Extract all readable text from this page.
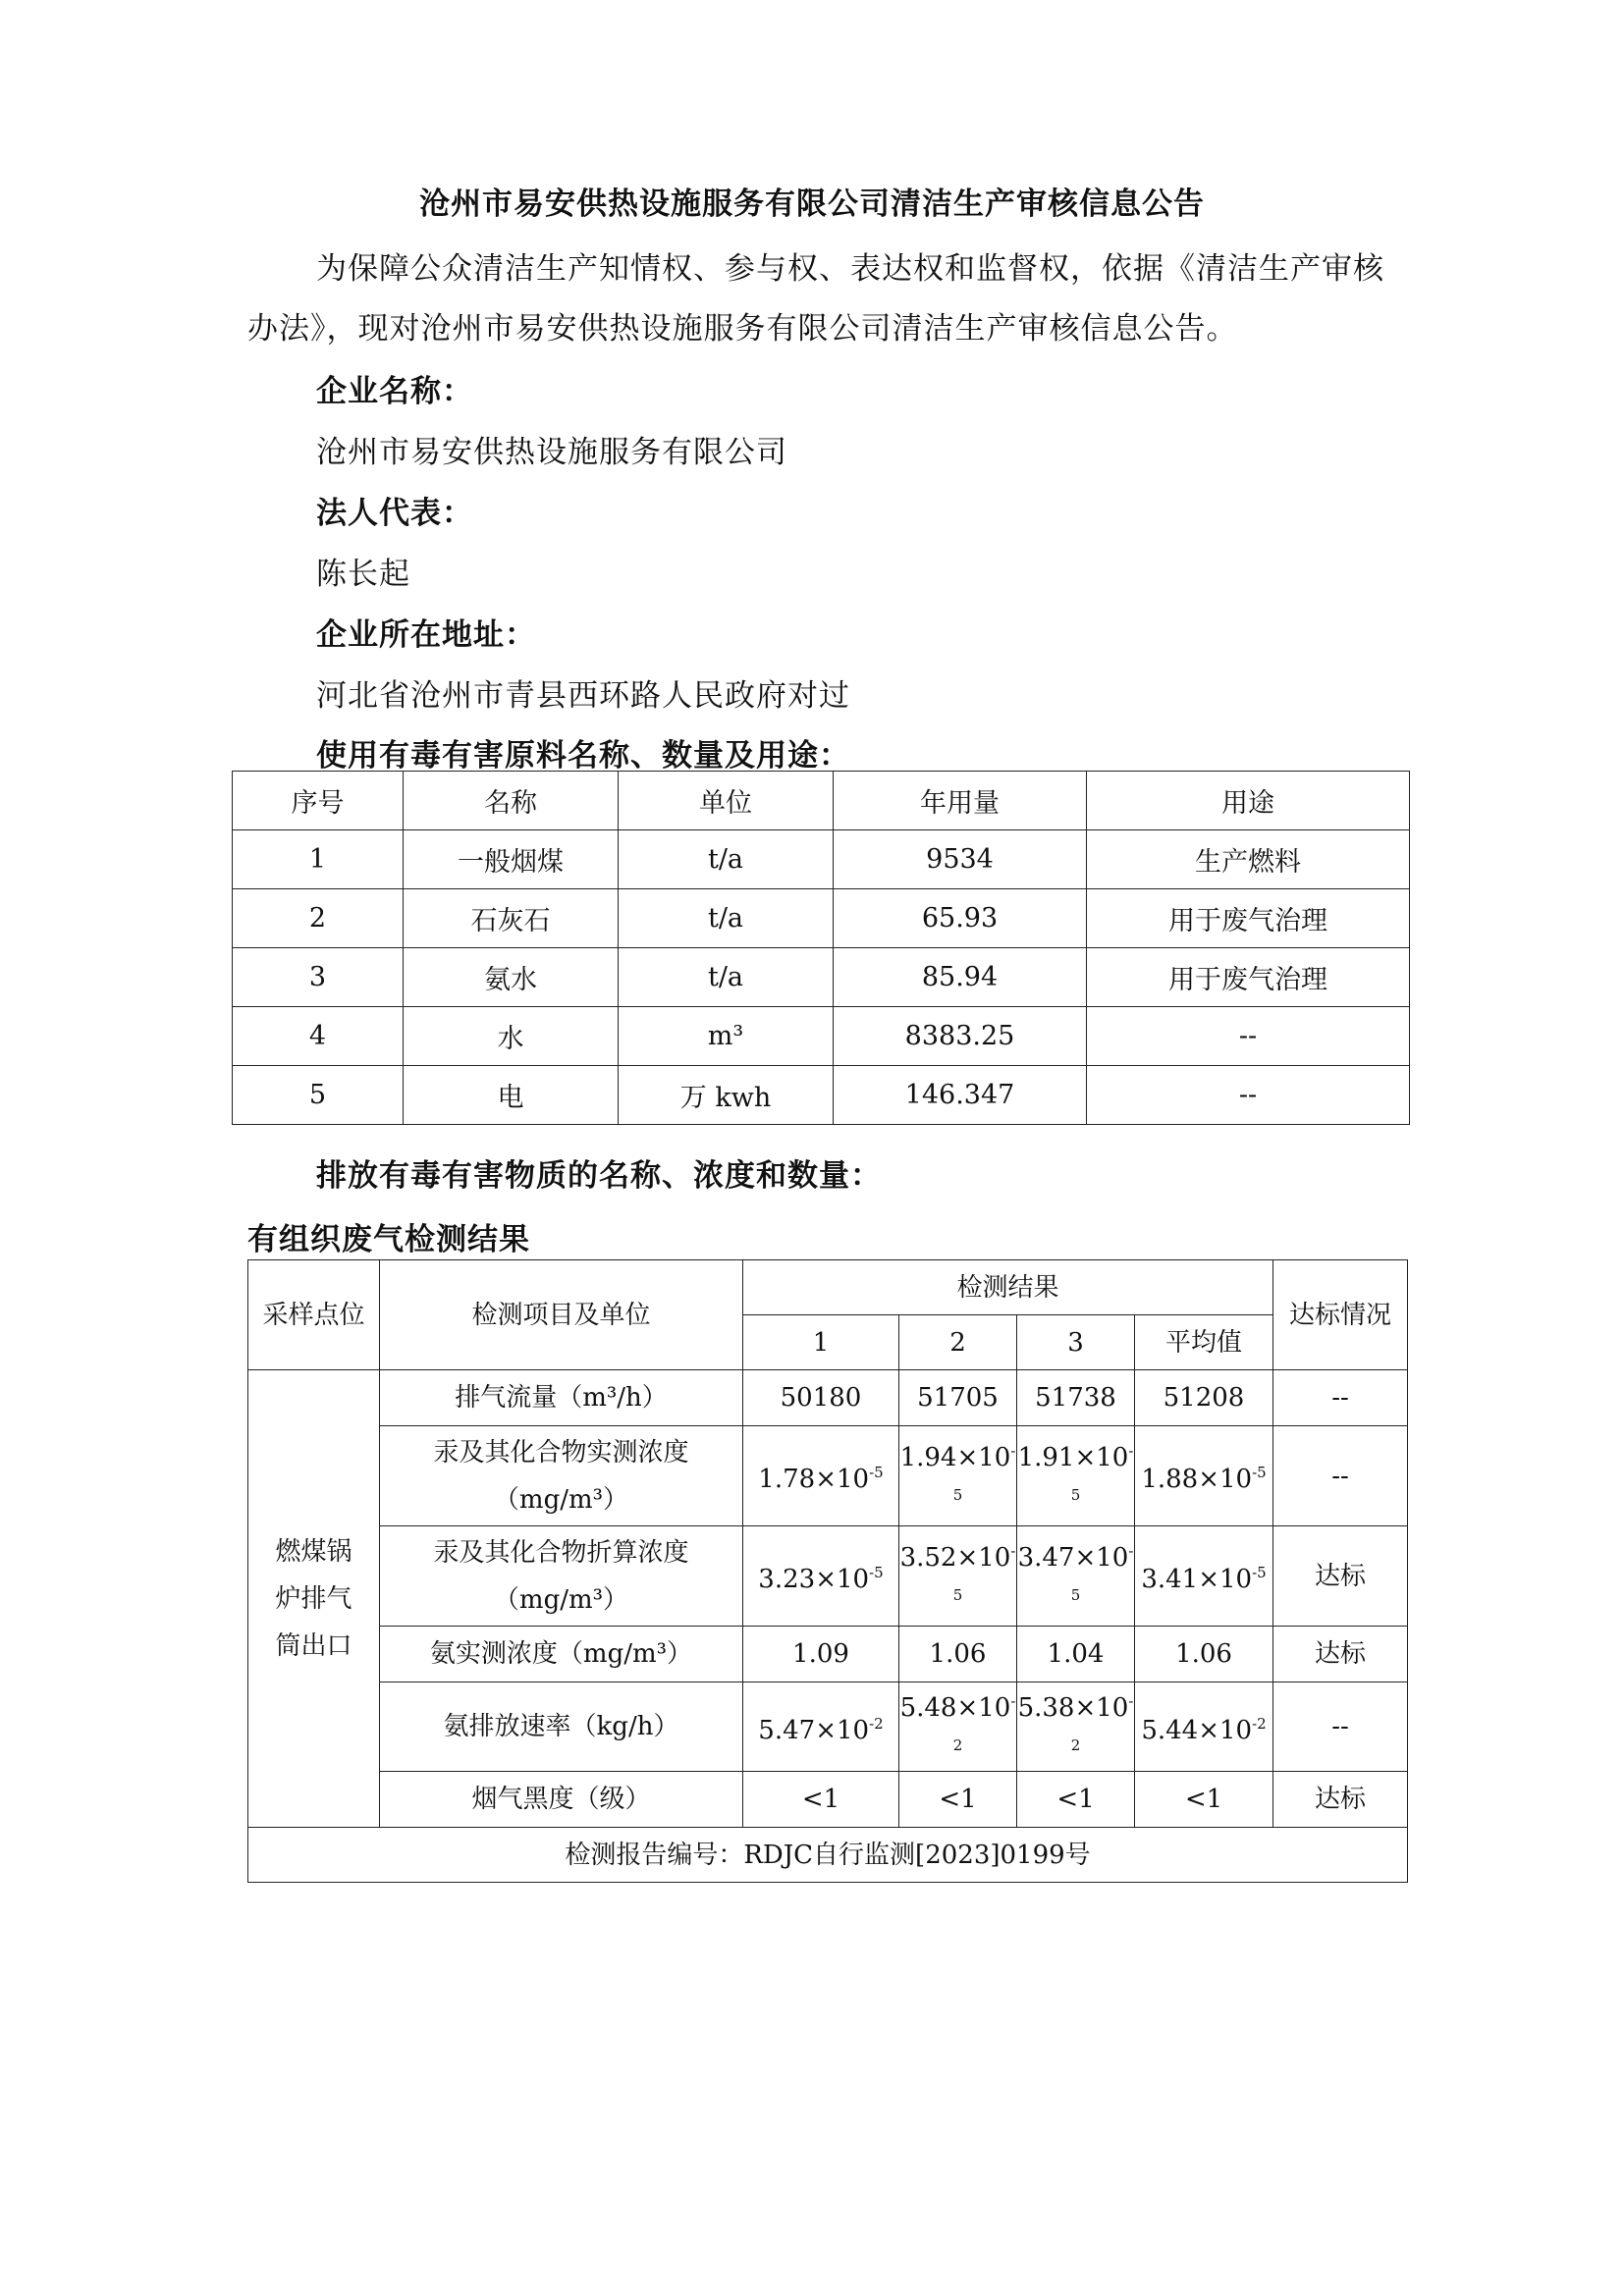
沧州市易安供热设施服务有限公司清洁生产审核信息公告
为保障公众清洁生产知情权、参与权、表达权和监督权，依据《清洁生产审核办法》，现对沧州市易安供热设施服务有限公司清洁生产审核信息公告。
企业名称：
沧州市易安供热设施服务有限公司
法人代表：
陈长起
企业所在地址：
河北省沧州市青县西环路人民政府对过
使用有毒有害原料名称、数量及用途：
序号	名称	单位	年用量	用途
1	一般烟煤	t/a	9534	生产燃料
2	石灰石	t/a	65.93	用于废气治理
3	氨水	t/a	85.94	用于废气治理
4	水	m³	8383.25	--
5	电	万 kwh	146.347	--
排放有毒有害物质的名称、浓度和数量：
有组织废气检测结果
采样点位	检测项目及单位	检测结果				达标情况
		1	2	3	平均值	
燃煤锅炉排气筒出口	排气流量（m³/h）	50180	51705	51738	51208	--
	汞及其化合物实测浓度（mg/m³）	$1.78\times 10^{-5}$	$1.94\times 10^{-5}$	$1.91\times 10^{-5}$	$1.88\times 10^{-5}$	--
	汞及其化合物折算浓度（mg/m³）	$3.23\times 10^{-5}$	$3.52\times 10^{-5}$	$3.47\times 10^{-5}$	$3.41\times 10^{-5}$	达标
	氨实测浓度（mg/m³）	1.09	1.06	1.04	1.06	达标
	氨排放速率（kg/h）	$5.47\times 10^{-2}$	$5.48\times 10^{-2}$	$5.38\times 10^{-2}$	$5.44\times 10^{-2}$	--
	烟气黑度（级）	<1	<1	<1	<1	达标
检测报告编号：RDJC自行监测[2023]0199号						
